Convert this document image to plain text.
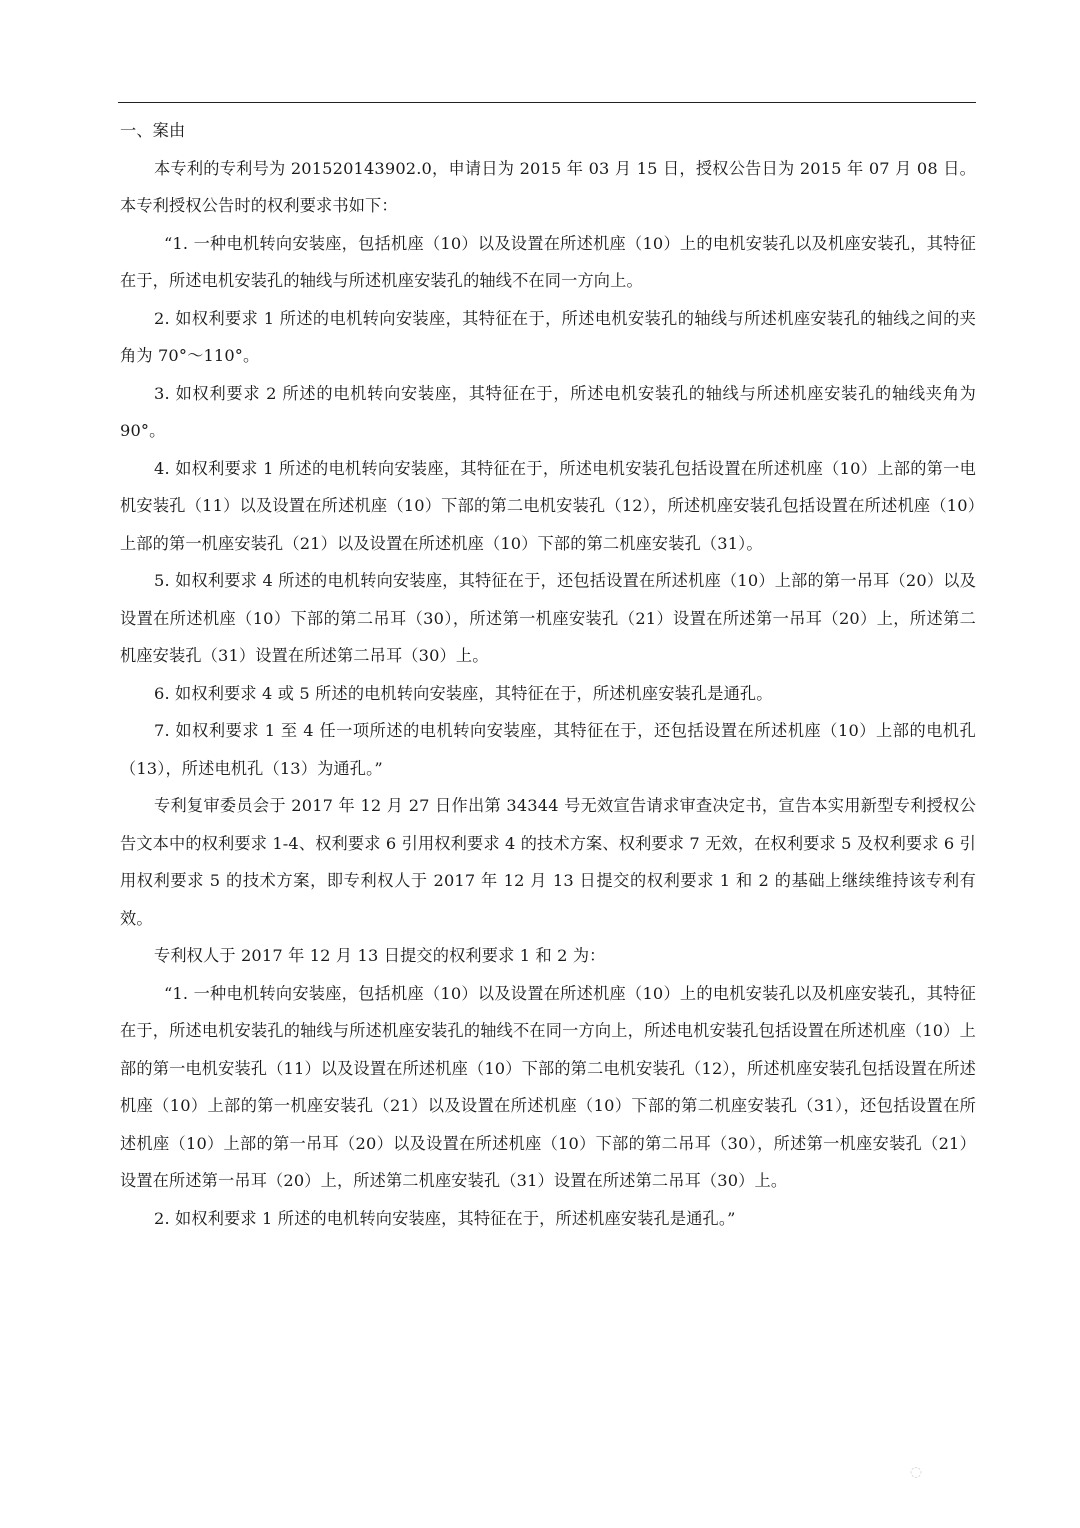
一、案由

本专利的专利号为 201520143902.0，申请日为 2015 年 03 月 15 日，授权公告日为 2015 年 07 月 08 日。本专利授权公告时的权利要求书如下：

“1. 一种电机转向安装座，包括机座（10）以及设置在所述机座（10）上的电机安装孔以及机座安装孔，其特征在于，所述电机安装孔的轴线与所述机座安装孔的轴线不在同一方向上。

2. 如权利要求 1 所述的电机转向安装座，其特征在于，所述电机安装孔的轴线与所述机座安装孔的轴线之间的夹角为 70°～110°。

3. 如权利要求 2 所述的电机转向安装座，其特征在于，所述电机安装孔的轴线与所述机座安装孔的轴线夹角为 90°。

4. 如权利要求 1 所述的电机转向安装座，其特征在于，所述电机安装孔包括设置在所述机座（10）上部的第一电机安装孔（11）以及设置在所述机座（10）下部的第二电机安装孔（12），所述机座安装孔包括设置在所述机座（10）上部的第一机座安装孔（21）以及设置在所述机座（10）下部的第二机座安装孔（31）。

5. 如权利要求 4 所述的电机转向安装座，其特征在于，还包括设置在所述机座（10）上部的第一吊耳（20）以及设置在所述机座（10）下部的第二吊耳（30），所述第一机座安装孔（21）设置在所述第一吊耳（20）上，所述第二机座安装孔（31）设置在所述第二吊耳（30）上。

6. 如权利要求 4 或 5 所述的电机转向安装座，其特征在于，所述机座安装孔是通孔。

7. 如权利要求 1 至 4 任一项所述的电机转向安装座，其特征在于，还包括设置在所述机座（10）上部的电机孔（13），所述电机孔（13）为通孔。”

专利复审委员会于 2017 年 12 月 27 日作出第 34344 号无效宣告请求审查决定书，宣告本实用新型专利授权公告文本中的权利要求 1-4、权利要求 6 引用权利要求 4 的技术方案、权利要求 7 无效，在权利要求 5 及权利要求 6 引用权利要求 5 的技术方案，即专利权人于 2017 年 12 月 13 日提交的权利要求 1 和 2 的基础上继续维持该专利有效。

专利权人于 2017 年 12 月 13 日提交的权利要求 1 和 2 为：

“1. 一种电机转向安装座，包括机座（10）以及设置在所述机座（10）上的电机安装孔以及机座安装孔，其特征在于，所述电机安装孔的轴线与所述机座安装孔的轴线不在同一方向上，所述电机安装孔包括设置在所述机座（10）上部的第一电机安装孔（11）以及设置在所述机座（10）下部的第二电机安装孔（12），所述机座安装孔包括设置在所述机座（10）上部的第一机座安装孔（21）以及设置在所述机座（10）下部的第二机座安装孔（31），还包括设置在所述机座（10）上部的第一吊耳（20）以及设置在所述机座（10）下部的第二吊耳（30），所述第一机座安装孔（21）设置在所述第一吊耳（20）上，所述第二机座安装孔（31）设置在所述第二吊耳（30）上。

2. 如权利要求 1 所述的电机转向安装座，其特征在于，所述机座安装孔是通孔。”

◌
